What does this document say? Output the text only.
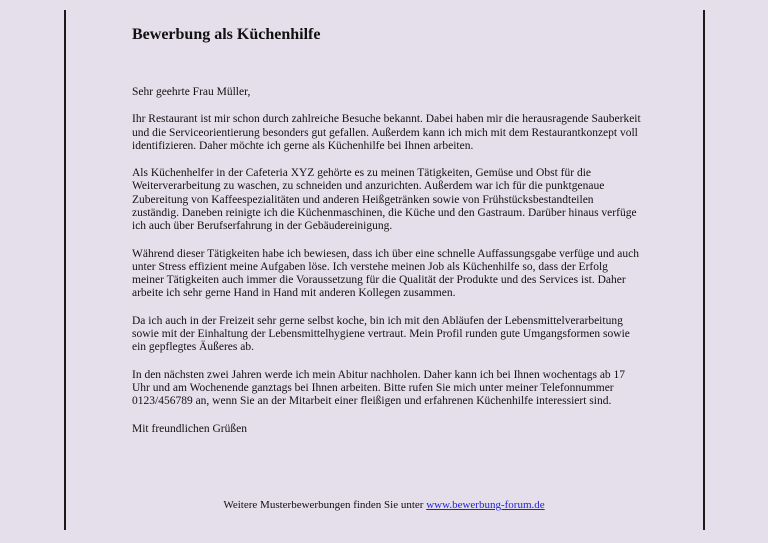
Bewerbung als Küchenhilfe

Sehr geehrte Frau Müller,

Ihr Restaurant ist mir schon durch zahlreiche Besuche bekannt. Dabei haben mir die herausragende Sauberkeit und die Serviceorientierung besonders gut gefallen. Außerdem kann ich mich mit dem Restaurantkonzept voll identifizieren. Daher möchte ich gerne als Küchenhilfe bei Ihnen arbeiten.

Als Küchenhelfer in der Cafeteria XYZ gehörte es zu meinen Tätigkeiten, Gemüse und Obst für die Weiterverarbeitung zu waschen, zu schneiden und anzurichten. Außerdem war ich für die punktgenaue Zubereitung von Kaffeespezialitäten und anderen Heißgetränken sowie von Frühstücksbestandteilen zuständig. Daneben reinigte ich die Küchenmaschinen, die Küche und den Gastraum. Darüber hinaus verfüge ich auch über Berufserfahrung in der Gebäudereinigung.

Während dieser Tätigkeiten habe ich bewiesen, dass ich über eine schnelle Auffassungsgabe verfüge und auch unter Stress effizient meine Aufgaben löse. Ich verstehe meinen Job als Küchenhilfe so, dass der Erfolg meiner Tätigkeiten auch immer die Voraussetzung für die Qualität der Produkte und des Services ist. Daher arbeite ich sehr gerne Hand in Hand mit anderen Kollegen zusammen.

Da ich auch in der Freizeit sehr gerne selbst koche, bin ich mit den Abläufen der Lebensmittelverarbeitung sowie mit der Einhaltung der Lebensmittelhygiene vertraut. Mein Profil runden gute Umgangsformen sowie ein gepflegtes Äußeres ab.

In den nächsten zwei Jahren werde ich mein Abitur nachholen. Daher kann ich bei Ihnen wochentags ab 17 Uhr und am Wochenende ganztags bei Ihnen arbeiten. Bitte rufen Sie mich unter meiner Telefonnummer 0123/456789 an, wenn Sie an der Mitarbeit einer fleißigen und erfahrenen Küchenhilfe interessiert sind.

Mit freundlichen Grüßen

Weitere Musterbewerbungen finden Sie unter www.bewerbung-forum.de
